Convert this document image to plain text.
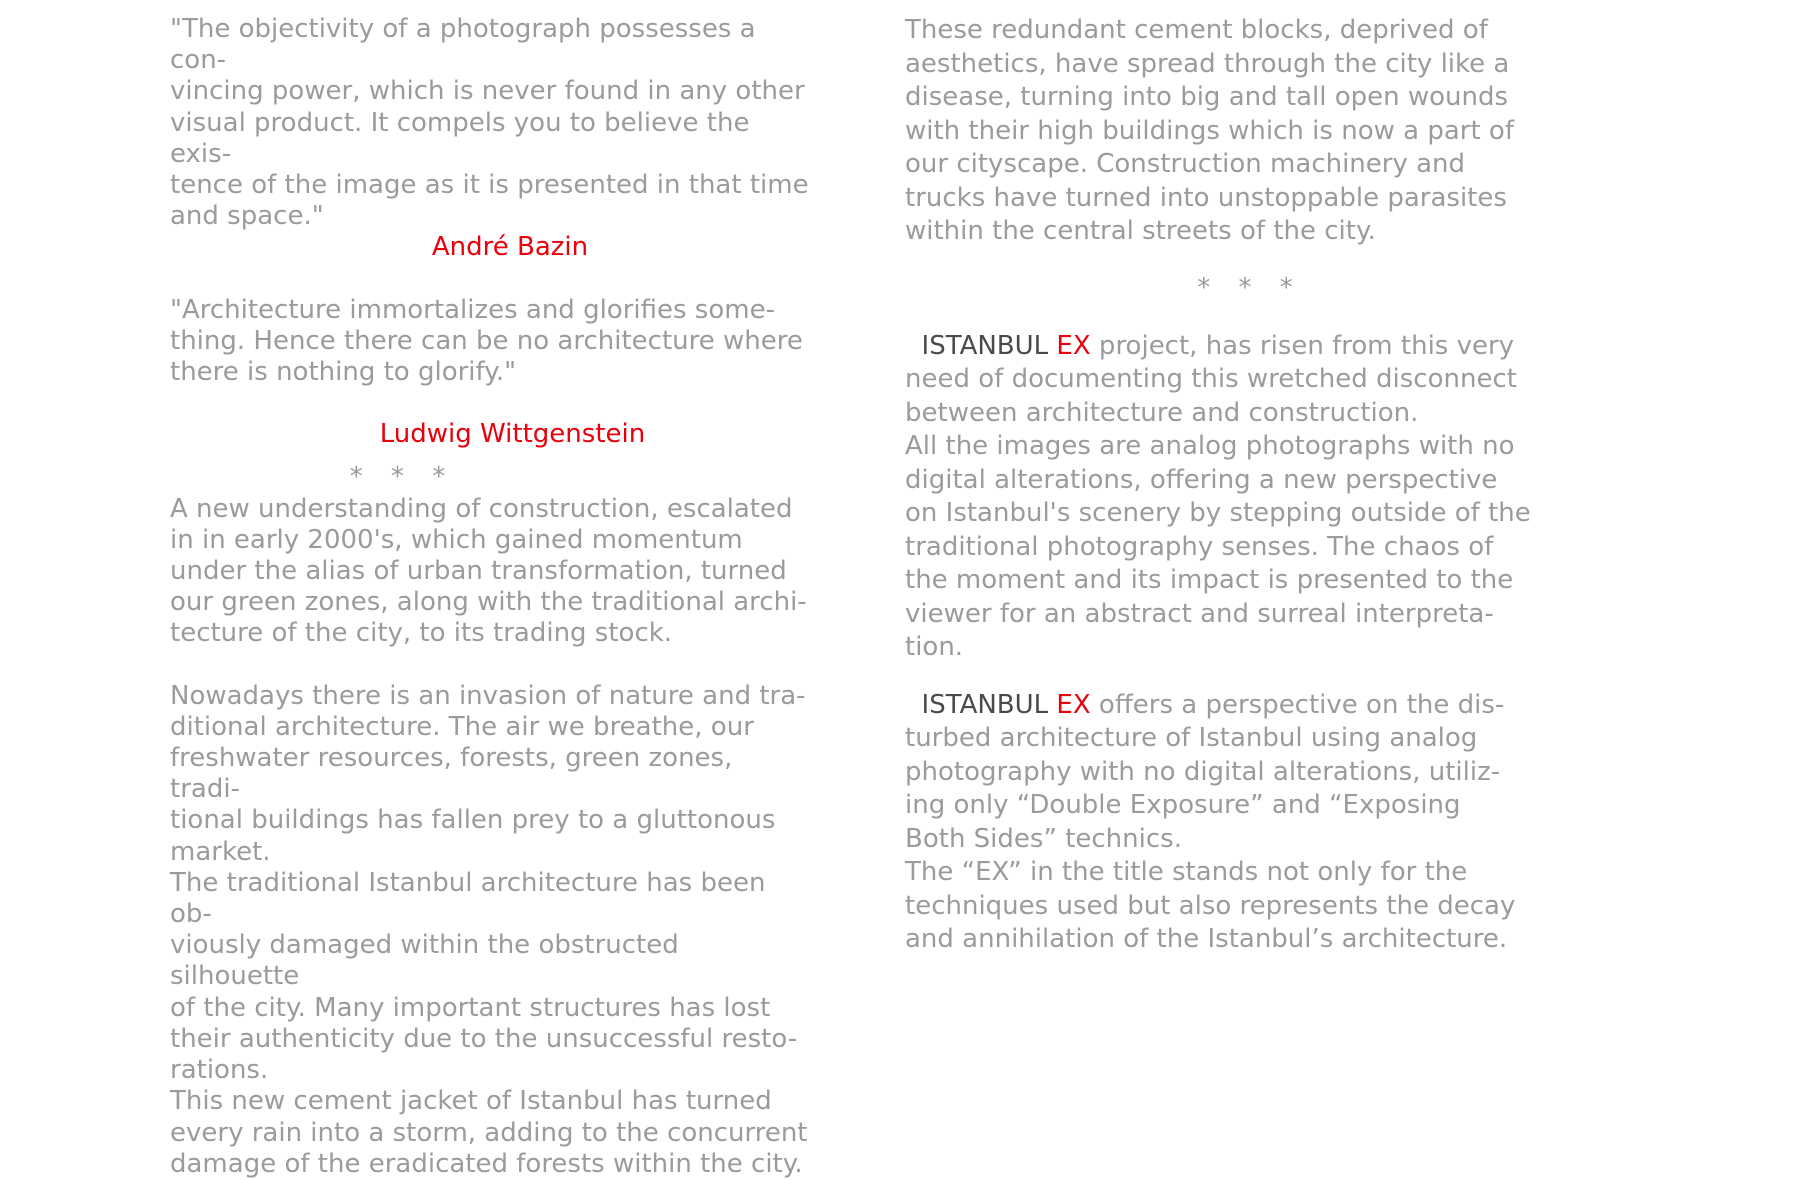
"The objectivity of a photograph possesses a con-
vincing power, which is never found in any other
visual product. It compels you to believe the exis-
tence of the image as it is presented in that time
and space."

André Bazin

"Architecture immortalizes and glorifies some-
thing. Hence there can be no architecture where
there is nothing to glorify."

Ludwig Wittgenstein

* * *

A new understanding of construction, escalated
in in early 2000's, which gained momentum
under the alias of urban transformation, turned
our green zones, along with the traditional archi-
tecture of the city, to its trading stock.

Nowadays there is an invasion of nature and tra-
ditional architecture. The air we breathe, our
freshwater resources, forests, green zones, tradi-
tional buildings has fallen prey to a gluttonous
market.
The traditional Istanbul architecture has been ob-
viously damaged within the obstructed silhouette
of the city. Many important structures has lost
their authenticity due to the unsuccessful resto-
rations.
This new cement jacket of Istanbul has turned
every rain into a storm, adding to the concurrent
damage of the eradicated forests within the city.

These redundant cement blocks, deprived of
aesthetics, have spread through the city like a
disease, turning into big and tall open wounds
with their high buildings which is now a part of
our cityscape. Construction machinery and
trucks have turned into unstoppable parasites
within the central streets of the city.

* * *

ISTANBUL EX project, has risen from this very
need of documenting this wretched disconnect
between architecture and construction.
All the images are analog photographs with no
digital alterations, offering a new perspective
on Istanbul's scenery by stepping outside of the
traditional photography senses. The chaos of
the moment and its impact is presented to the
viewer for an abstract and surreal interpreta-
tion.

ISTANBUL EX offers a perspective on the dis-
turbed architecture of Istanbul using analog
photography with no digital alterations, utiliz-
ing only “Double Exposure” and “Exposing
Both Sides” technics.
The “EX” in the title stands not only for the
techniques used but also represents the decay
and annihilation of the Istanbul’s architecture.
